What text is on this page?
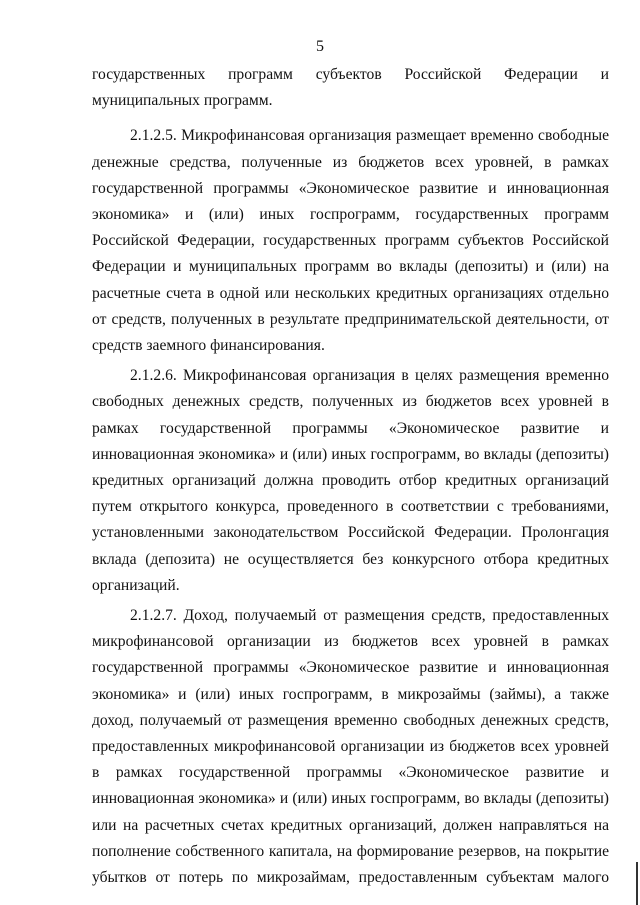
5

государственных программ субъектов Российской Федерации и муниципальных программ.

2.1.2.5. Микрофинансовая организация размещает временно свободные денежные средства, полученные из бюджетов всех уровней, в рамках государственной программы «Экономическое развитие и инновационная экономика» и (или) иных госпрограмм, государственных программ Российской Федерации, государственных программ субъектов Российской Федерации и муниципальных программ во вклады (депозиты) и (или) на расчетные счета в одной или нескольких кредитных организациях отдельно от средств, полученных в результате предпринимательской деятельности, от средств заемного финансирования.

2.1.2.6. Микрофинансовая организация в целях размещения временно свободных денежных средств, полученных из бюджетов всех уровней в рамках государственной программы «Экономическое развитие и инновационная экономика» и (или) иных госпрограмм, во вклады (депозиты) кредитных организаций должна проводить отбор кредитных организаций путем открытого конкурса, проведенного в соответствии с требованиями, установленными законодательством Российской Федерации. Пролонгация вклада (депозита) не осуществляется без конкурсного отбора кредитных организаций.

2.1.2.7. Доход, получаемый от размещения средств, предоставленных микрофинансовой организации из бюджетов всех уровней в рамках государственной программы «Экономическое развитие и инновационная экономика» и (или) иных госпрограмм, в микрозаймы (займы), а также доход, получаемый от размещения временно свободных денежных средств, предоставленных микрофинансовой организации из бюджетов всех уровней в рамках государственной программы «Экономическое развитие и инновационная экономика» и (или) иных госпрограмм, во вклады (депозиты) или на расчетных счетах кредитных организаций, должен направляться на пополнение собственного капитала, на формирование резервов, на покрытие убытков от потерь по микрозаймам, предоставленным субъектам малого
